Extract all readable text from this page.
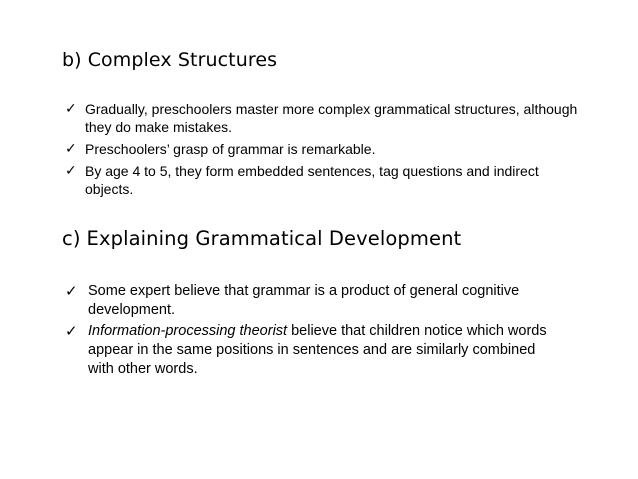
b) Complex Structures
✓ Gradually, preschoolers master more complex grammatical structures, although they do make mistakes.
✓ Preschoolers’ grasp of grammar is remarkable.
✓ By age 4 to 5, they form embedded sentences, tag questions and indirect objects.
c) Explaining Grammatical Development
✓ Some expert believe that grammar is a product of general cognitive development.
✓ Information-processing theorist believe that children notice which words appear in the same positions in sentences and are similarly combined with other words.
